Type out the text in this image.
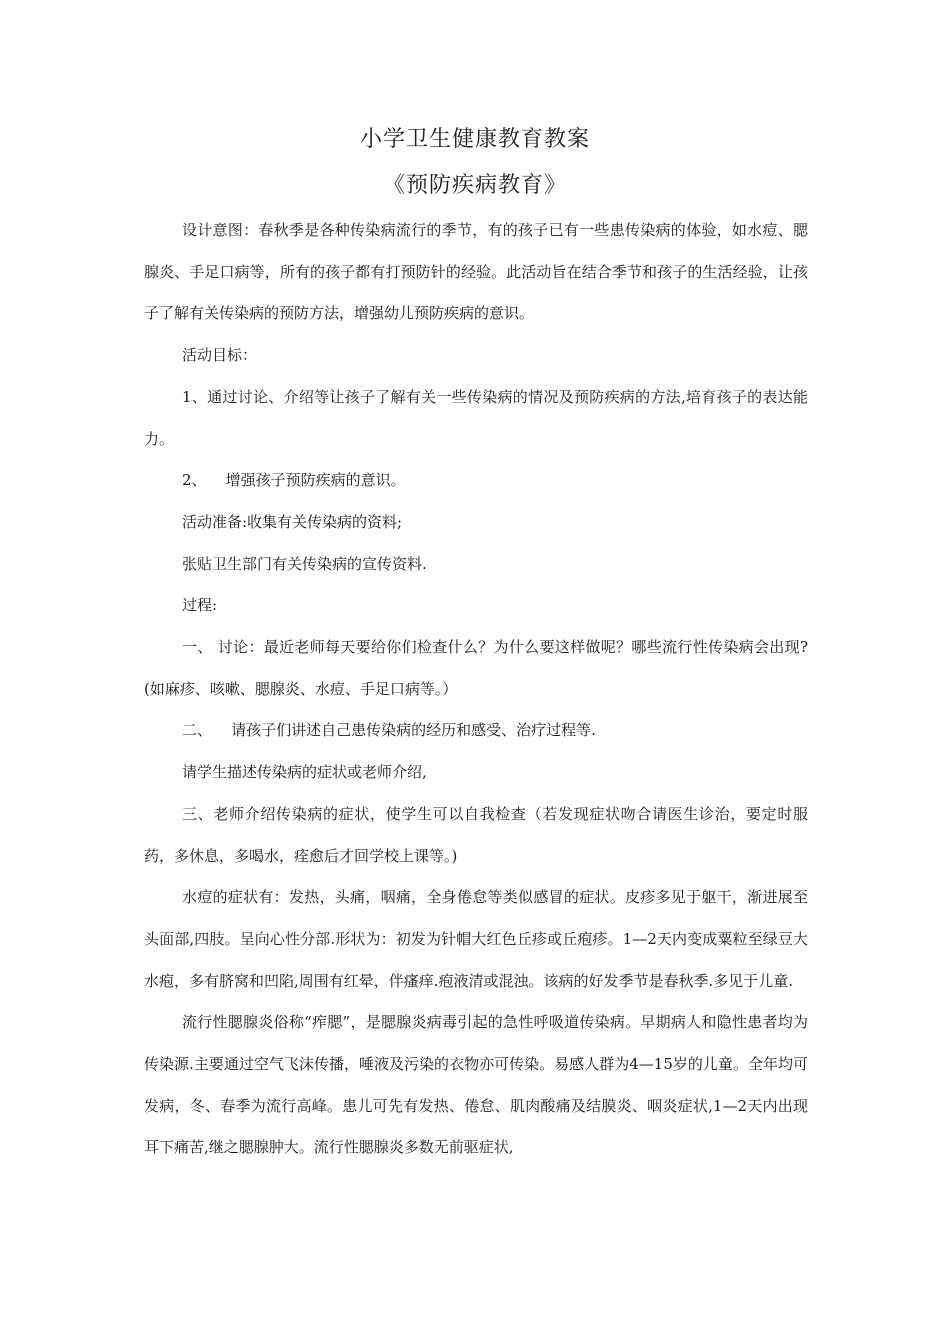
小学卫生健康教育教案
《预防疾病教育》

设计意图：春秋季是各种传染病流行的季节，有的孩子已有一些患传染病的体验，如水痘、腮腺炎、手足口病等，所有的孩子都有打预防针的经验。此活动旨在结合季节和孩子的生活经验，让孩子了解有关传染病的预防方法，增强幼儿预防疾病的意识。

活动目标：

1、通过讨论、介绍等让孩子了解有关一些传染病的情况及预防疾病的方法,培育孩子的表达能力。

2、    增强孩子预防疾病的意识。

活动准备:收集有关传染病的资料;

张贴卫生部门有关传染病的宣传资料.

过程:

一、 讨论：最近老师每天要给你们检查什么？为什么要这样做呢？哪些流行性传染病会出现?(如麻疹、咳嗽、腮腺炎、水痘、手足口病等。）

二、    请孩子们讲述自己患传染病的经历和感受、治疗过程等.

请学生描述传染病的症状或老师介绍,

三、老师介绍传染病的症状，使学生可以自我检查（若发现症状吻合请医生诊治，要定时服药，多休息，多喝水，痊愈后才回学校上课等。)

水痘的症状有：发热，头痛，咽痛，全身倦怠等类似感冒的症状。皮疹多见于躯干，渐进展至头面部,四肢。呈向心性分部.形状为：初发为针帽大红色丘疹或丘疱疹。1—2天内变成粟粒至绿豆大水疱，多有脐窝和凹陷,周围有红晕，伴瘙痒.疱液清或混浊。该病的好发季节是春秋季.多见于儿童.

流行性腮腺炎俗称“痄腮”，是腮腺炎病毒引起的急性呼吸道传染病。早期病人和隐性患者均为传染源.主要通过空气飞沫传播，唾液及污染的衣物亦可传染。易感人群为4—15岁的儿童。全年均可发病，冬、春季为流行高峰。患儿可先有发热、倦怠、肌肉酸痛及结膜炎、咽炎症状,1—2天内出现耳下痛苦,继之腮腺肿大。流行性腮腺炎多数无前驱症状,
